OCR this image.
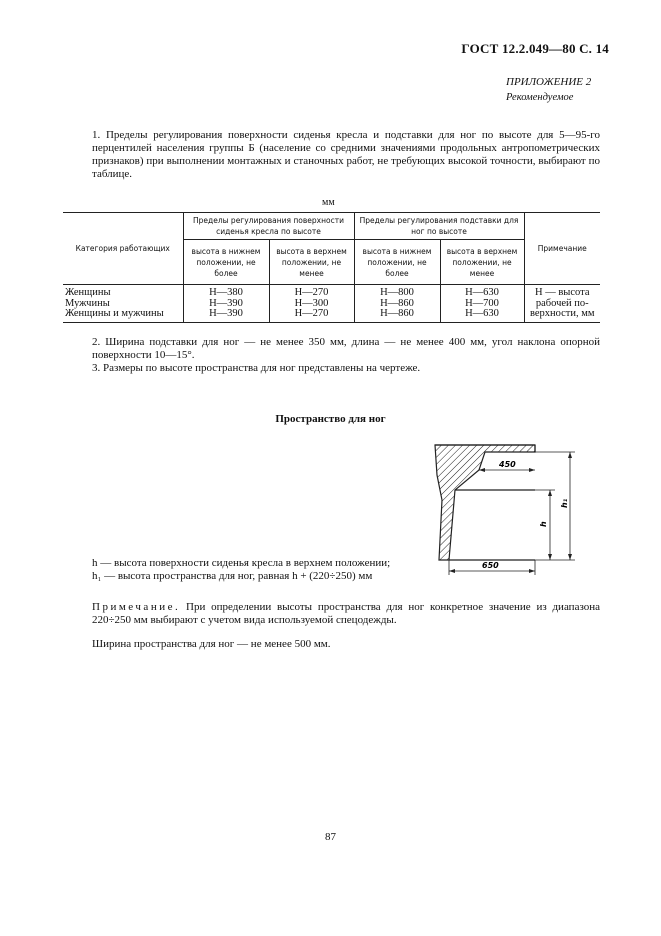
ГОСТ 12.2.049—80 С. 14
ПРИЛОЖЕНИЕ 2
Рекомендуемое
1. Пределы регулирования поверхности сиденья кресла и подставки для ног по высоте для 5—95-го перцентилей населения группы Б (население со средними значениями продольных антропометрических признаков) при выполнении монтажных и станочных работ, не требующих высокой точности, выбирают по таблице.
мм
Категория работающих	Пределы регулирования поверхности сиденья кресла по высоте		Пределы регулирования подставки для ног по высоте		Примечание
	высота в нижнем положении, не более	высота в верхнем положении, не менее	высота в нижнем положении, не более	высота в верхнем положении, не менее	
Женщины	H—380	H—270	H—800	H—630	H — высота
Мужчины	H—390	H—300	H—860	H—700	рабочей по-
Женщины и мужчины	H—390	H—270	H—860	H—630	верхности, мм
2. Ширина подставки для ног — не менее 350 мм, длина — не менее 400 мм, угол наклона опорной поверхности 10—15°.
3. Размеры по высоте пространства для ног представлены на чертеже.
Пространство для ног
450
650
h
h₁
h — высота поверхности сиденья кресла в верхнем положении;
h₁ — высота пространства для ног, равная h + (220÷250) мм
Примечание. При определении высоты пространства для ног конкретное значение из диапазона 220÷250 мм выбирают с учетом вида используемой спецодежды.
Ширина пространства для ног — не менее 500 мм.
87
